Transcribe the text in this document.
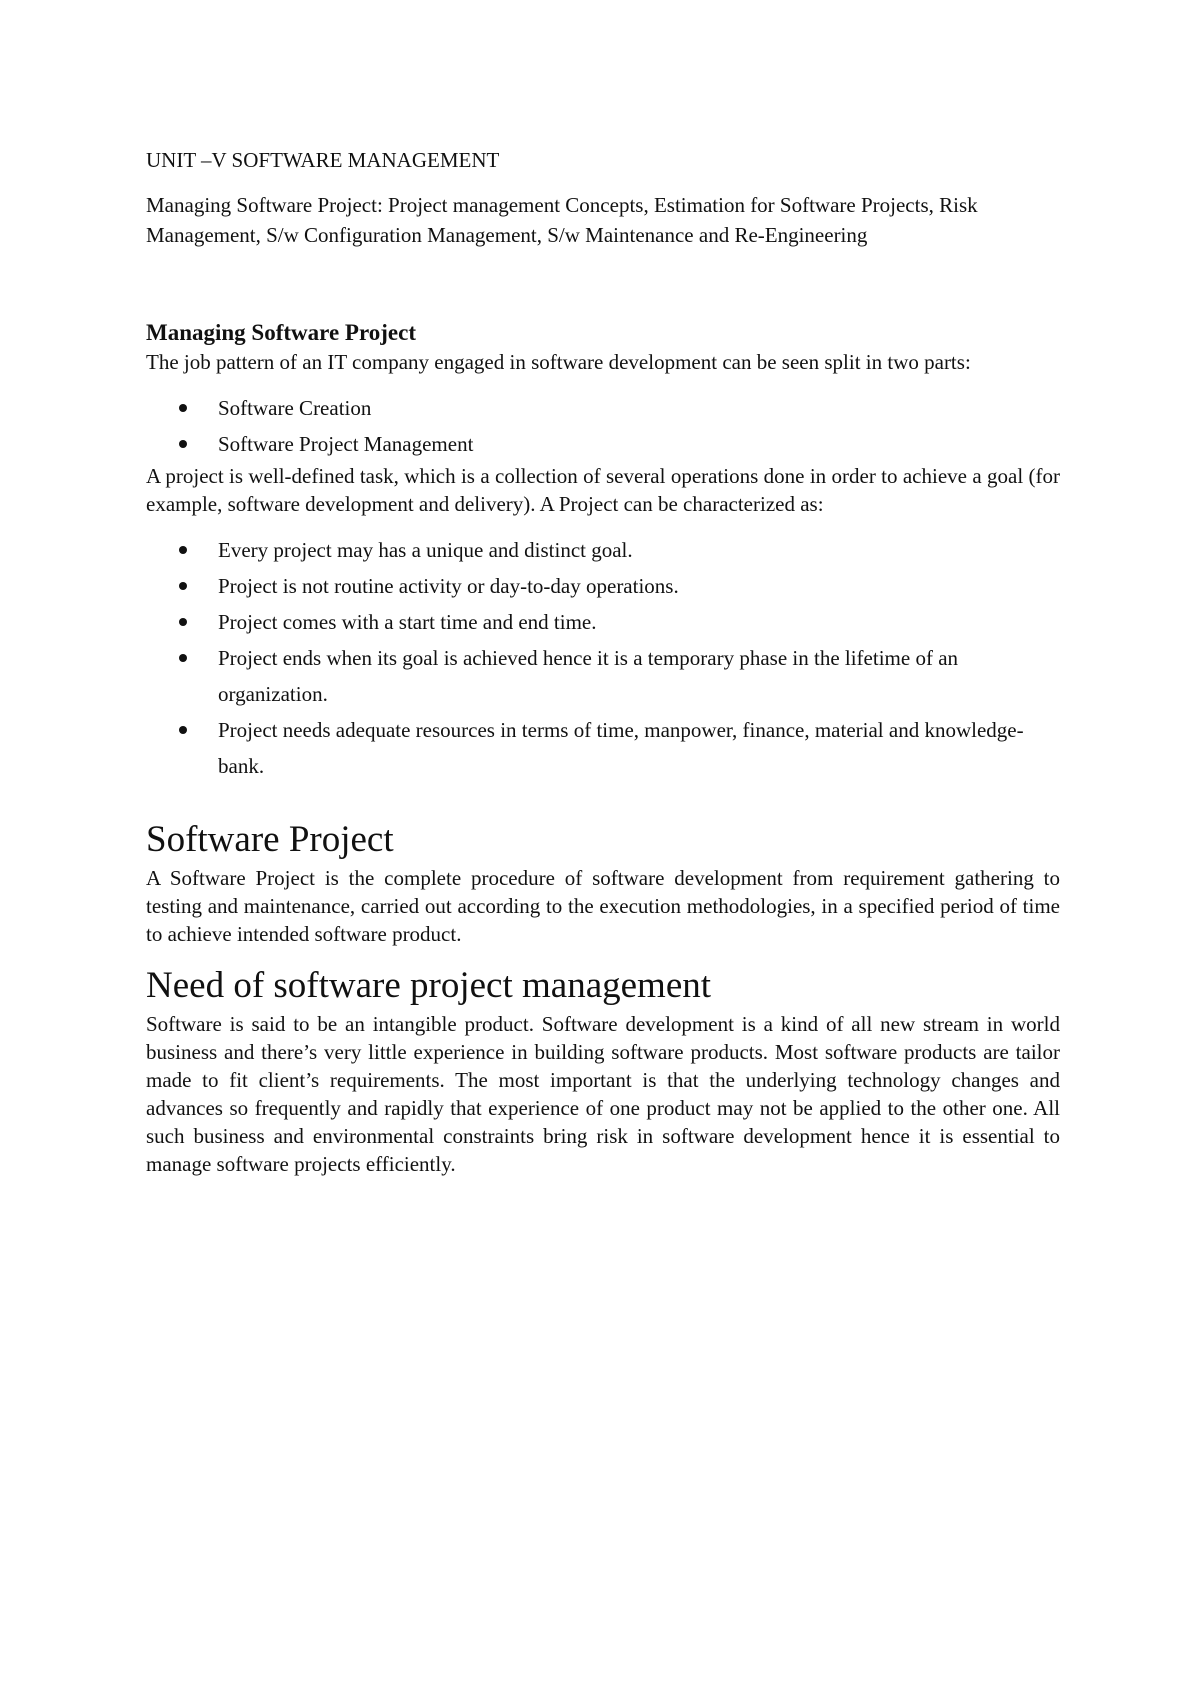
UNIT –V SOFTWARE MANAGEMENT

Managing Software Project: Project management Concepts, Estimation for Software Projects, Risk Management, S/w Configuration Management, S/w Maintenance and Re-Engineering

Managing Software Project

The job pattern of an IT company engaged in software development can be seen split in two parts:

Software Creation
Software Project Management

A project is well-defined task, which is a collection of several operations done in order to achieve a goal (for example, software development and delivery). A Project can be characterized as:

Every project may has a unique and distinct goal.
Project is not routine activity or day-to-day operations.
Project comes with a start time and end time.
Project ends when its goal is achieved hence it is a temporary phase in the lifetime of an organization.
Project needs adequate resources in terms of time, manpower, finance, material and knowledge-bank.
Software Project

A Software Project is the complete procedure of software development from requirement gathering to testing and maintenance, carried out according to the execution methodologies, in a specified period of time to achieve intended software product.

Need of software project management

Software is said to be an intangible product. Software development is a kind of all new stream in world business and there’s very little experience in building software products. Most software products are tailor made to fit client’s requirements. The most important is that the underlying technology changes and advances so frequently and rapidly that experience of one product may not be applied to the other one. All such business and environmental constraints bring risk in software development hence it is essential to manage software projects efficiently.
